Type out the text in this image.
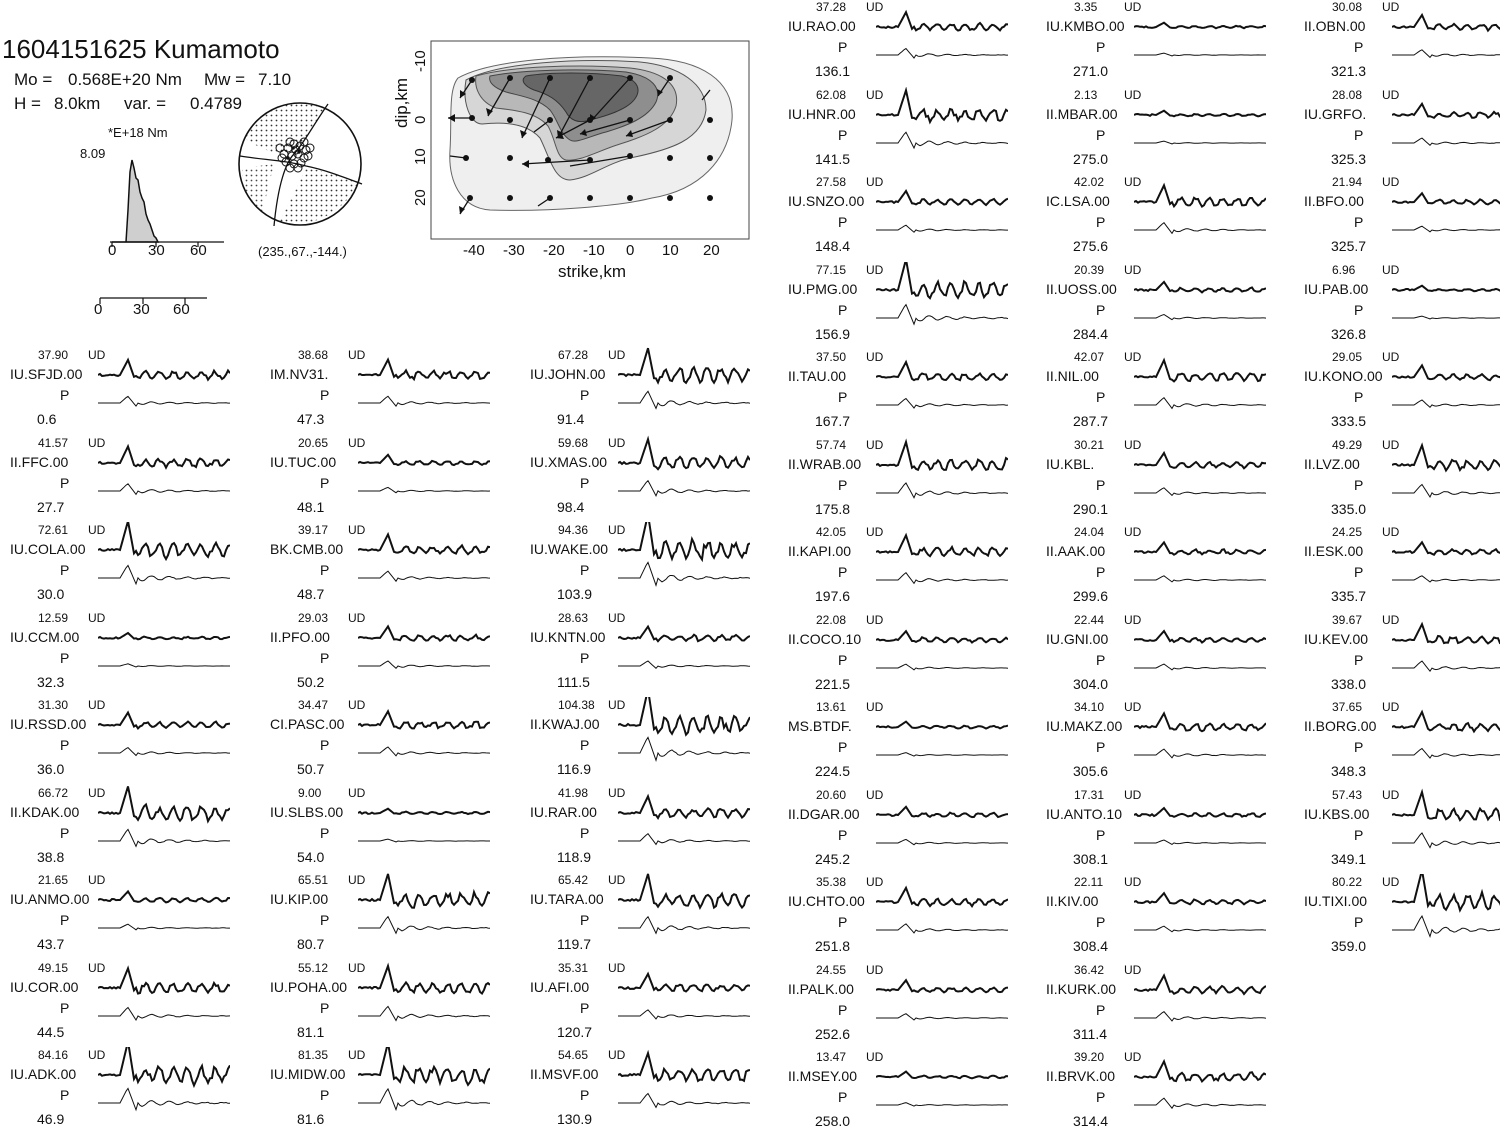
1604151625 Kumamoto
Mo = 0.568E+20 Nm Mw = 7.10
H = 8.0km var. = 0.4789
*E+18 Nm
8.09
0 30 60
0 30 60
(235.,67.,-144.)	-40 -30 -20 -10 0 10 20
strike,km
-10
0
10
20
dip,km
37.90 UD
IU.SFJD.00
P
0.6
41.57 UD
II.FFC.00
P
27.7
72.61 UD
IU.COLA.00
P
30.0
12.59 UD
IU.CCM.00
P
32.3
31.30 UD
IU.RSSD.00
P
36.0
66.72 UD
II.KDAK.00
P
38.8
21.65 UD
IU.ANMO.00
P
43.7
49.15 UD
IU.COR.00
P
44.5
84.16 UD
IU.ADK.00
P
46.9
38.68 UD
IM.NV31.
P
47.3
20.65 UD
IU.TUC.00
P
48.1
39.17 UD
BK.CMB.00
P
48.7
29.03 UD
II.PFO.00
P
50.2
34.47 UD
CI.PASC.00
P
50.7
9.00 UD
IU.SLBS.00
P
54.0
65.51 UD
IU.KIP.00
P
80.7
55.12 UD
IU.POHA.00
P
81.1
81.35 UD
IU.MIDW.00
P
81.6
67.28 UD
IU.JOHN.00
P
91.4
59.68 UD
IU.XMAS.00
P
98.4
94.36 UD
IU.WAKE.00
P
103.9
28.63 UD
IU.KNTN.00
P
111.5
104.38 UD
II.KWAJ.00
P
116.9
41.98 UD
IU.RAR.00
P
118.9
65.42 UD
IU.TARA.00
P
119.7
35.31 UD
IU.AFI.00
P
120.7
54.65 UD
II.MSVF.00
P
130.9
37.28 UD
IU.RAO.00
P
136.1
62.08 UD
IU.HNR.00
P
141.5
27.58 UD
IU.SNZO.00
P
148.4
77.15 UD
IU.PMG.00
P
156.9
37.50 UD
II.TAU.00
P
167.7
57.74 UD
II.WRAB.00
P
175.8
42.05 UD
II.KAPI.00
P
197.6
22.08 UD
II.COCO.10
P
221.5
13.61 UD
MS.BTDF.
P
224.5
20.60 UD
II.DGAR.00
P
245.2
35.38 UD
IU.CHTO.00
P
251.8
24.55 UD
II.PALK.00
P
252.6
13.47 UD
II.MSEY.00
P
258.0
3.35 UD
IU.KMBO.00
P
271.0
2.13 UD
II.MBAR.00
P
275.0
42.02 UD
IC.LSA.00
P
275.6
20.39 UD
II.UOSS.00
P
284.4
42.07 UD
II.NIL.00
P
287.7
30.21 UD
IU.KBL.
P
290.1
24.04 UD
II.AAK.00
P
299.6
22.44 UD
IU.GNI.00
P
304.0
34.10 UD
IU.MAKZ.00
P
305.6
17.31 UD
IU.ANTO.10
P
308.1
22.11 UD
II.KIV.00
P
308.4
36.42 UD
II.KURK.00
P
311.4
39.20 UD
II.BRVK.00
P
314.4
30.08 UD
II.OBN.00
P
321.3
28.08 UD
IU.GRFO.
P
325.3
21.94 UD
II.BFO.00
P
325.7
6.96 UD
IU.PAB.00
P
326.8
29.05 UD
IU.KONO.00
P
333.5
49.29 UD
II.LVZ.00
P
335.0
24.25 UD
II.ESK.00
P
335.7
39.67 UD
IU.KEV.00
P
338.0
37.65 UD
II.BORG.00
P
348.3
57.43 UD
IU.KBS.00
P
349.1
80.22 UD
IU.TIXI.00
P
359.0
